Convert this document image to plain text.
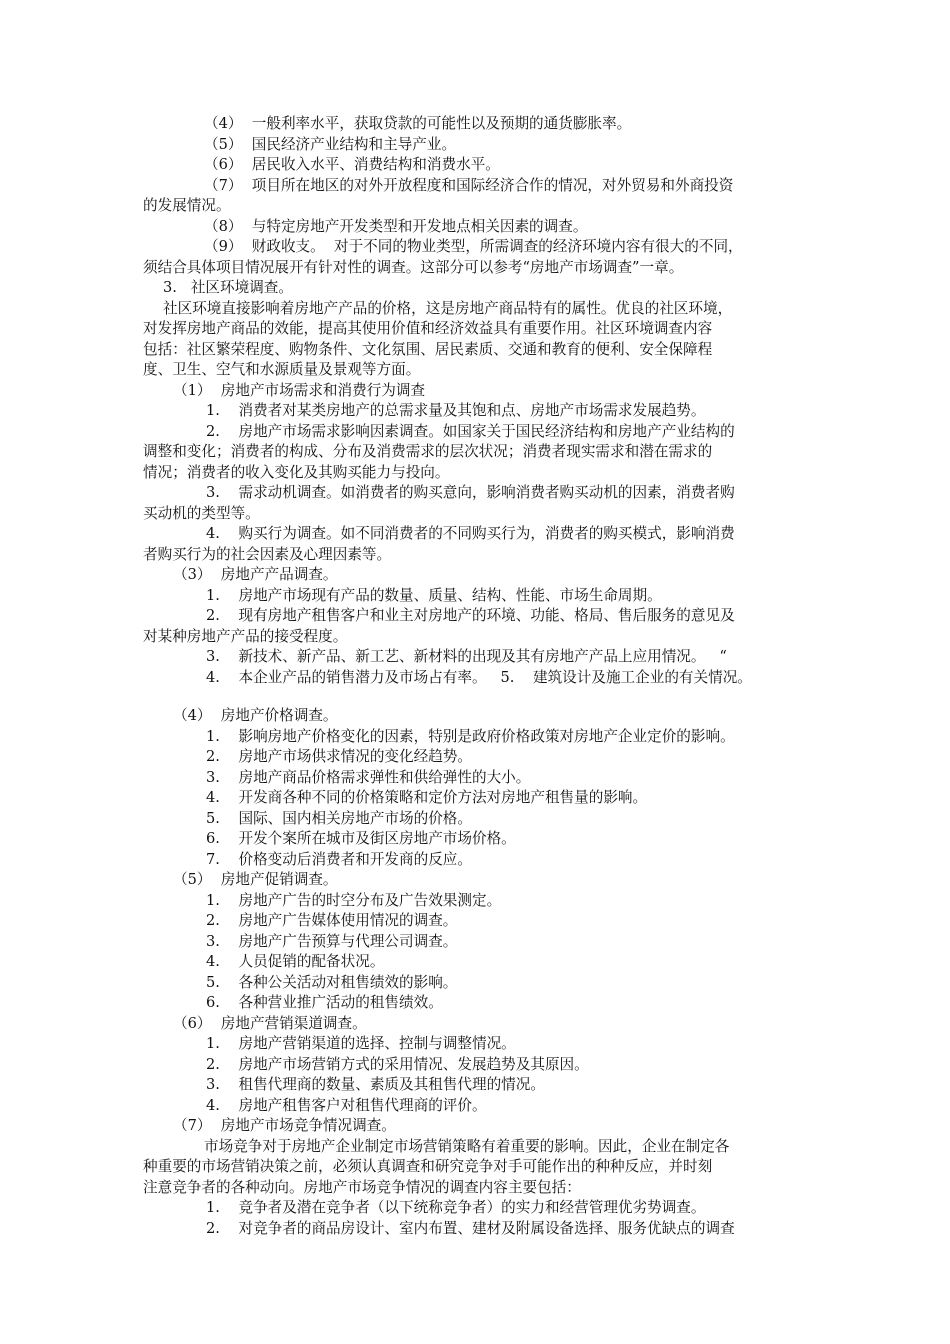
（4）  一般利率水平，获取贷款的可能性以及预期的通货膨胀率。
（5）  国民经济产业结构和主导产业。
（6）  居民收入水平、消费结构和消费水平。
（7）  项目所在地区的对外开放程度和国际经济合作的情况，对外贸易和外商投资
的发展情况。
（8）  与特定房地产开发类型和开发地点相关因素的调查。
（9）  财政收支。  对于不同的物业类型，所需调查的经济环境内容有很大的不同，
须结合具体项目情况展开有针对性的调查。这部分可以参考“房地产市场调查”一章。
3.   社区环境调查。
社区环境直接影响着房地产产品的价格，这是房地产商品特有的属性。优良的社区环境，
对发挥房地产商品的效能，提高其使用价值和经济效益具有重要作用。社区环境调查内容
包括：社区繁荣程度、购物条件、文化氛围、居民素质、交通和教育的便利、安全保障程
度、卫生、空气和水源质量及景观等方面。
（1）  房地产市场需求和消费行为调查
1.    消费者对某类房地产的总需求量及其饱和点、房地产市场需求发展趋势。
2.    房地产市场需求影响因素调查。如国家关于国民经济结构和房地产产业结构的
调整和变化；消费者的构成、分布及消费需求的层次状况；消费者现实需求和潜在需求的
情况；消费者的收入变化及其购买能力与投向。
3.    需求动机调查。如消费者的购买意向，影响消费者购买动机的因素，消费者购
买动机的类型等。
4.    购买行为调查。如不同消费者的不同购买行为，消费者的购买模式，影响消费
者购买行为的社会因素及心理因素等。
（3）  房地产产品调查。
1.    房地产市场现有产品的数量、质量、结构、性能、市场生命周期。
2.    现有房地产租售客户和业主对房地产的环境、功能、格局、售后服务的意见及
对某种房地产产品的接受程度。
3.    新技术、新产品、新工艺、新材料的出现及其有房地产产品上应用情况。   “
4.    本企业产品的销售潜力及市场占有率。   5.    建筑设计及施工企业的有关情况。
（4）  房地产价格调查。
1.    影响房地产价格变化的因素，特别是政府价格政策对房地产企业定价的影响。
2.    房地产市场供求情况的变化经趋势。
3.    房地产商品价格需求弹性和供给弹性的大小。
4.    开发商各种不同的价格策略和定价方法对房地产租售量的影响。
5.    国际、国内相关房地产市场的价格。
6.    开发个案所在城市及街区房地产市场价格。
7.    价格变动后消费者和开发商的反应。
（5）  房地产促销调查。
1.    房地产广告的时空分布及广告效果测定。
2.    房地产广告媒体使用情况的调查。
3.    房地产广告预算与代理公司调查。
4.    人员促销的配备状况。
5.    各种公关活动对租售绩效的影响。
6.    各种营业推广活动的租售绩效。
（6）  房地产营销渠道调查。
1.    房地产营销渠道的选择、控制与调整情况。
2.    房地产市场营销方式的采用情况、发展趋势及其原因。
3.    租售代理商的数量、素质及其租售代理的情况。
4.    房地产租售客户对租售代理商的评价。
（7）  房地产市场竞争情况调查。
市场竞争对于房地产企业制定市场营销策略有着重要的影响。因此，企业在制定各
种重要的市场营销决策之前，必须认真调查和研究竞争对手可能作出的种种反应，并时刻
注意竞争者的各种动向。房地产市场竞争情况的调查内容主要包括：
1.    竞争者及潜在竞争者（以下统称竞争者）的实力和经营管理优劣势调查。
2.    对竞争者的商品房设计、室内布置、建材及附属设备选择、服务优缺点的调查
